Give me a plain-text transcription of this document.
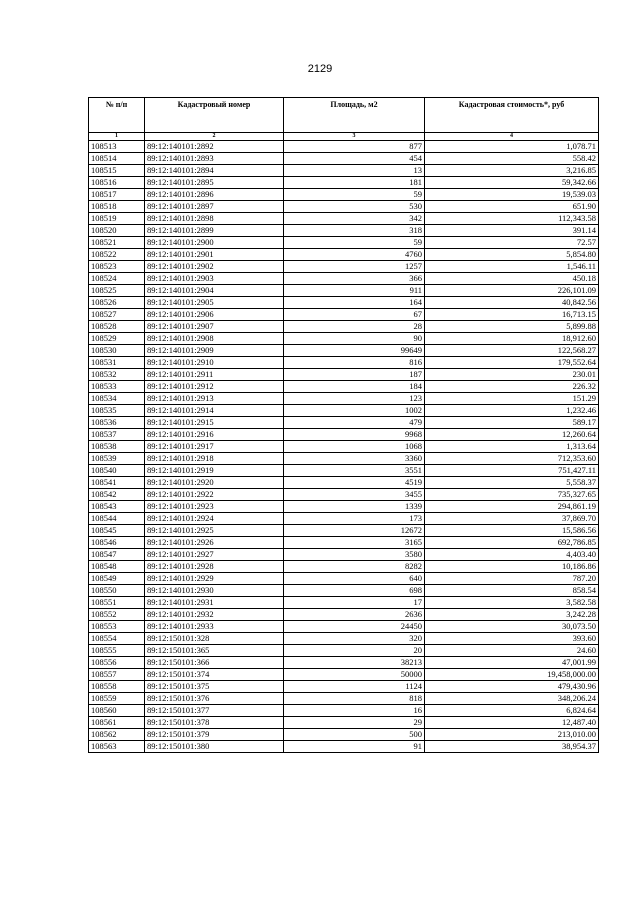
2129
№ п/п	Кадастровый номер	Площадь, м2	Кадастровая стоимость*, руб
1	2	3	4
108513	89:12:140101:2892	877	1,078.71
108514	89:12:140101:2893	454	558.42
108515	89:12:140101:2894	13	3,216.85
108516	89:12:140101:2895	181	59,342.66
108517	89:12:140101:2896	59	19,539.03
108518	89:12:140101:2897	530	651.90
108519	89:12:140101:2898	342	112,343.58
108520	89:12:140101:2899	318	391.14
108521	89:12:140101:2900	59	72.57
108522	89:12:140101:2901	4760	5,854.80
108523	89:12:140101:2902	1257	1,546.11
108524	89:12:140101:2903	366	450.18
108525	89:12:140101:2904	911	226,101.09
108526	89:12:140101:2905	164	40,842.56
108527	89:12:140101:2906	67	16,713.15
108528	89:12:140101:2907	28	5,899.88
108529	89:12:140101:2908	90	18,912.60
108530	89:12:140101:2909	99649	122,568.27
108531	89:12:140101:2910	816	179,552.64
108532	89:12:140101:2911	187	230.01
108533	89:12:140101:2912	184	226.32
108534	89:12:140101:2913	123	151.29
108535	89:12:140101:2914	1002	1,232.46
108536	89:12:140101:2915	479	589.17
108537	89:12:140101:2916	9968	12,260.64
108538	89:12:140101:2917	1068	1,313.64
108539	89:12:140101:2918	3360	712,353.60
108540	89:12:140101:2919	3551	751,427.11
108541	89:12:140101:2920	4519	5,558.37
108542	89:12:140101:2922	3455	735,327.65
108543	89:12:140101:2923	1339	294,861.19
108544	89:12:140101:2924	173	37,869.70
108545	89:12:140101:2925	12672	15,586.56
108546	89:12:140101:2926	3165	692,786.85
108547	89:12:140101:2927	3580	4,403.40
108548	89:12:140101:2928	8282	10,186.86
108549	89:12:140101:2929	640	787.20
108550	89:12:140101:2930	698	858.54
108551	89:12:140101:2931	17	3,582.58
108552	89:12:140101:2932	2636	3,242.28
108553	89:12:140101:2933	24450	30,073.50
108554	89:12:150101:328	320	393.60
108555	89:12:150101:365	20	24.60
108556	89:12:150101:366	38213	47,001.99
108557	89:12:150101:374	50000	19,458,000.00
108558	89:12:150101:375	1124	479,430.96
108559	89:12:150101:376	818	348,206.24
108560	89:12:150101:377	16	6,824.64
108561	89:12:150101:378	29	12,487.40
108562	89:12:150101:379	500	213,010.00
108563	89:12:150101:380	91	38,954.37
